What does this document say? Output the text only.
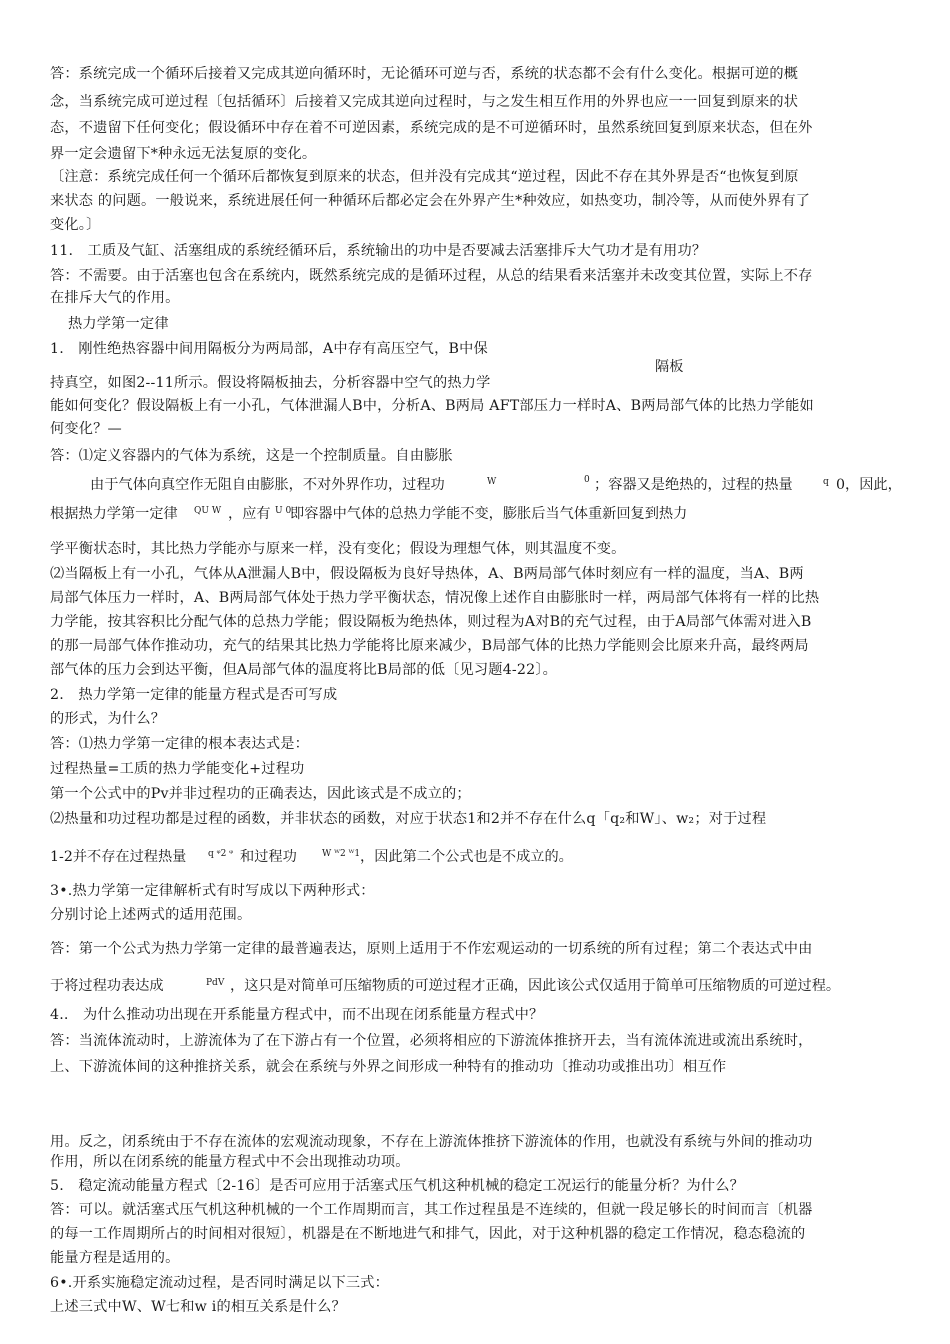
答：系统完成一个循环后接着又完成其逆向循环时，无论循环可逆与否，系统的状态都不会有什么变化。根据可逆的概
念，当系统完成可逆过程〔包括循环〕后接着又完成其逆向过程时，与之发生相互作用的外界也应一一回复到原来的状
态，不遗留下任何变化；假设循环中存在着不可逆因素，系统完成的是不可逆循环时，虽然系统回复到原来状态，但在外
界一定会遗留下*种永远无法复原的变化。
〔注意：系统完成任何一个循环后都恢复到原来的状态，但并没有完成其“逆过程，因此不存在其外界是否“也恢复到原
来状态 的问题。一般说来，系统进展任何一种循环后都必定会在外界产生*种效应，如热变功，制冷等，从而使外界有了
变化。〕
11.　工质及气缸、活塞组成的系统经循环后，系统输出的功中是否要减去活塞排斥大气功才是有用功？
答：不需要。由于活塞也包含在系统内，既然系统完成的是循环过程，从总的结果看来活塞并未改变其位置，实际上不存
在排斥大气的作用。
热力学第一定律
1.　刚性绝热容器中间用隔板分为两局部，A中存有高压空气，B中保
隔板
持真空，如图2--11所示。假设将隔板抽去，分析容器中空气的热力学
能如何变化？假设隔板上有一小孔，气体泄漏人B中，分析A、B两局 AFT部压力一样时A、B两局部气体的比热力学能如
何变化？—
答：⑴定义容器内的气体为系统，这是一个控制质量。自由膨胀
由于气体向真空作无阻自由膨胀，不对外界作功，过程功	$^W$	$^0$ ；容器又是绝热的，过程的热量	$^q$ 0，因此，
根据热力学第一定律 $^{QU W}$ ，应有 $^{U 0,}$
即容器中气体的总热力学能不变，膨胀后当气体重新回复到热力
学平衡状态时，其比热力学能亦与原来一样，没有变化；假设为理想气体，则其温度不变。
⑵当隔板上有一小孔，气体从A泄漏人B中，假设隔板为良好导热体，A、B两局部气体时刻应有一样的温度，当A、B两
局部气体压力一样时，A、B两局部气体处于热力学平衡状态，情况像上述作自由膨胀时一样，两局部气体将有一样的比热
力学能，按其容积比分配气体的总热力学能；假设隔板为绝热体，则过程为A对B的充气过程，由于A局部气体需对进入B
的那一局部气体作推动功，充气的结果其比热力学能将比原来减少，B局部气体的比热力学能则会比原来升高，最终两局
部气体的压力会到达平衡，但A局部气体的温度将比B局部的低〔见习题4-22〕。
2.　热力学第一定律的能量方程式是否可写成
的形式，为什么？
答：⑴热力学第一定律的根本表达式是：
过程热量=工质的热力学能变化+过程功
第一个公式中的Pv并非过程功的正确表达，因此该式是不成立的；
⑵热量和功过程功都是过程的函数，并非状态的函数，对应于状态1和2并不存在什么q「q₂和W」、w₂；对于过程
1-2并不存在过程热量 $^{q ᵠ2 ᵠ}$ 和过程功	$^{W ᵂ2 ᵂ1}$ ，因此第二个公式也是不成立的。
3•.热力学第一定律解析式有时写成以下两种形式：
分别讨论上述两式的适用范围。
答：第一个公式为热力学第一定律的最普遍表达，原则上适用于不作宏观运动的一切系统的所有过程；第二个表达式中由
于将过程功表达成	$^{PdV}$ ，这只是对简单可压缩物质的可逆过程才正确，因此该公式仅适用于简单可压缩物质的可逆过程。
4..　为什么推动功出现在开系能量方程式中，而不出现在闭系能量方程式中？
答：当流体流动时，上游流体为了在下游占有一个位置，必须将相应的下游流体推挤开去，当有流体流进或流出系统时，
上、下游流体间的这种推挤关系，就会在系统与外界之间形成一种特有的推动功〔推动功或推出功〕相互作
用。反之，闭系统由于不存在流体的宏观流动现象，不存在上游流体推挤下游流体的作用，也就没有系统与外间的推动功
作用，所以在闭系统的能量方程式中不会出现推动功项。
5.　稳定流动能量方程式〔2-16〕是否可应用于活塞式压气机这种机械的稳定工况运行的能量分析？为什么？
答：可以。就活塞式压气机这种机械的一个工作周期而言，其工作过程虽是不连续的，但就一段足够长的时间而言〔机器
的每一工作周期所占的时间相对很短〕，机器是在不断地进气和排气，因此，对于这种机器的稳定工作情况，稳态稳流的
能量方程是适用的。
6•.开系实施稳定流动过程，是否同时满足以下三式：
上述三式中W、W七和w i的相互关系是什么？
